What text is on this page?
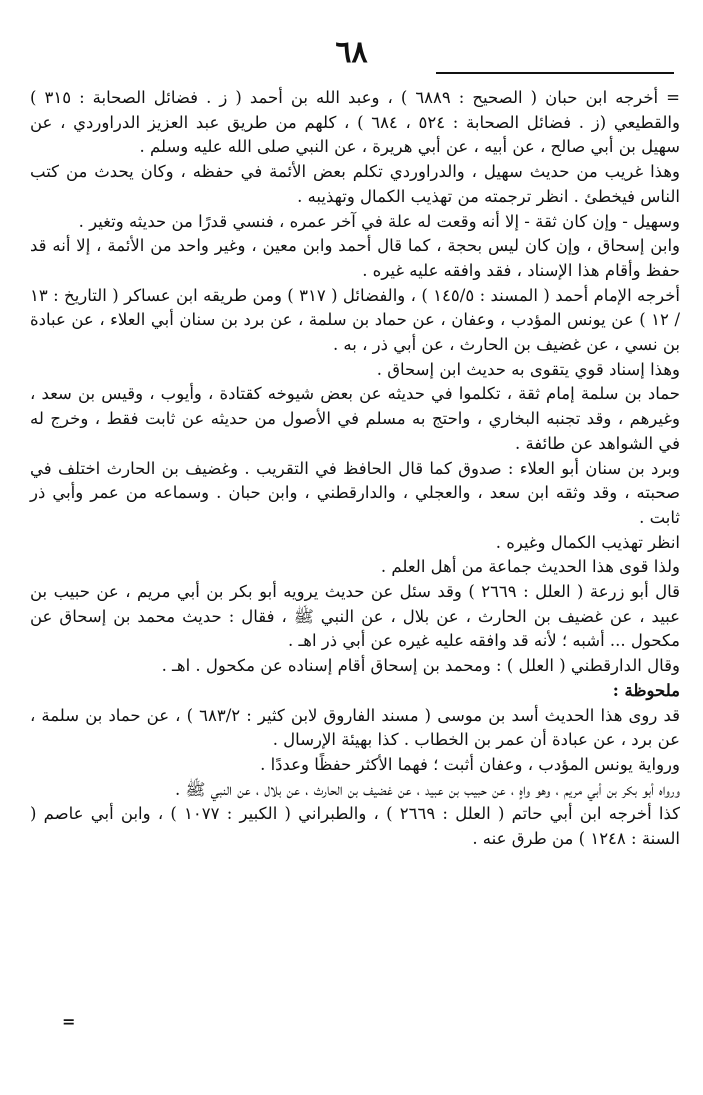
٦٨

= أخرجه ابن حبان ( الصحيح : ٦٨٨٩ ) ، وعبد الله بن أحمد ( ز . فضائل الصحابة : ٣١٥ ) والقطيعي (ز . فضائل الصحابة : ٥٢٤ ، ٦٨٤ ) ، كلهم من طريق عبد العزيز الدراوردي ، عن سهيل بن أبي صالح ، عن أبيه ، عن أبي هريرة ، عن النبي صلى الله عليه وسلم .

وهذا غريب من حديث سهيل ، والدراوردي تكلم بعض الأئمة في حفظه ، وكان يحدث من كتب الناس فيخطئ . انظر ترجمته من تهذيب الكمال وتهذيبه .

وسهيل - وإن كان ثقة - إلا أنه وقعت له علة في آخر عمره ، فنسي قدرًا من حديثه وتغير .

وابن إسحاق ، وإن كان ليس بحجة ، كما قال أحمد وابن معين ، وغير واحد من الأئمة ، إلا أنه قد حفظ وأقام هذا الإسناد ، فقد وافقه عليه غيره .

أخرجه الإمام أحمد ( المسند : ١٤٥/٥ ) ، والفضائل ( ٣١٧ ) ومن طريقه ابن عساكر ( التاريخ : ١٣ / ١٢ ) عن يونس المؤدب ، وعفان ، عن حماد بن سلمة ، عن برد بن سنان أبي العلاء ، عن عبادة بن نسي ، عن غضيف بن الحارث ، عن أبي ذر ، به .

وهذا إسناد قوي يتقوى به حديث ابن إسحاق .

حماد بن سلمة إمام ثقة ، تكلموا في حديثه عن بعض شيوخه كقتادة ، وأيوب ، وقيس بن سعد ، وغيرهم ، وقد تجنبه البخاري ، واحتج به مسلم في الأصول من حديثه عن ثابت فقط ، وخرج له في الشواهد عن طائفة .

وبرد بن سنان أبو العلاء : صدوق كما قال الحافظ في التقريب . وغضيف بن الحارث اختلف في صحبته ، وقد وثقه ابن سعد ، والعجلي ، والدارقطني ، وابن حبان . وسماعه من عمر وأبي ذر ثابت .

انظر تهذيب الكمال وغيره .

ولذا قوى هذا الحديث جماعة من أهل العلم .

قال أبو زرعة ( العلل : ٢٦٦٩ ) وقد سئل عن حديث يرويه أبو بكر بن أبي مريم ، عن حبيب بن عبيد ، عن غضيف بن الحارث ، عن بلال ، عن النبي ﷺ ، فقال : حديث محمد بن إسحاق عن مكحول ... أشبه ؛ لأنه قد وافقه عليه غيره عن أبي ذر اهـ .

وقال الدارقطني ( العلل ) : ومحمد بن إسحاق أقام إسناده عن مكحول . اهـ .

ملحوظة :

قد روى هذا الحديث أسد بن موسى ( مسند الفاروق لابن كثير : ٦٨٣/٢ ) ، عن حماد بن سلمة ، عن برد ، عن عبادة أن عمر بن الخطاب . كذا بهيئة الإرسال .

ورواية يونس المؤدب ، وعفان أثبت ؛ فهما الأكثر حفظًا وعددًا .

ورواه أبو بكر بن أبي مريم ، وهو واهٍ ، عن حبيب بن عبيد ، عن غضيف بن الحارث ، عن بلال ، عن النبي ﷺ .

كذا أخرجه ابن أبي حاتم ( العلل : ٢٦٦٩ ) ، والطبراني ( الكبير : ١٠٧٧ ) ، وابن أبي عاصم ( السنة : ١٢٤٨ ) من طرق عنه .

=
